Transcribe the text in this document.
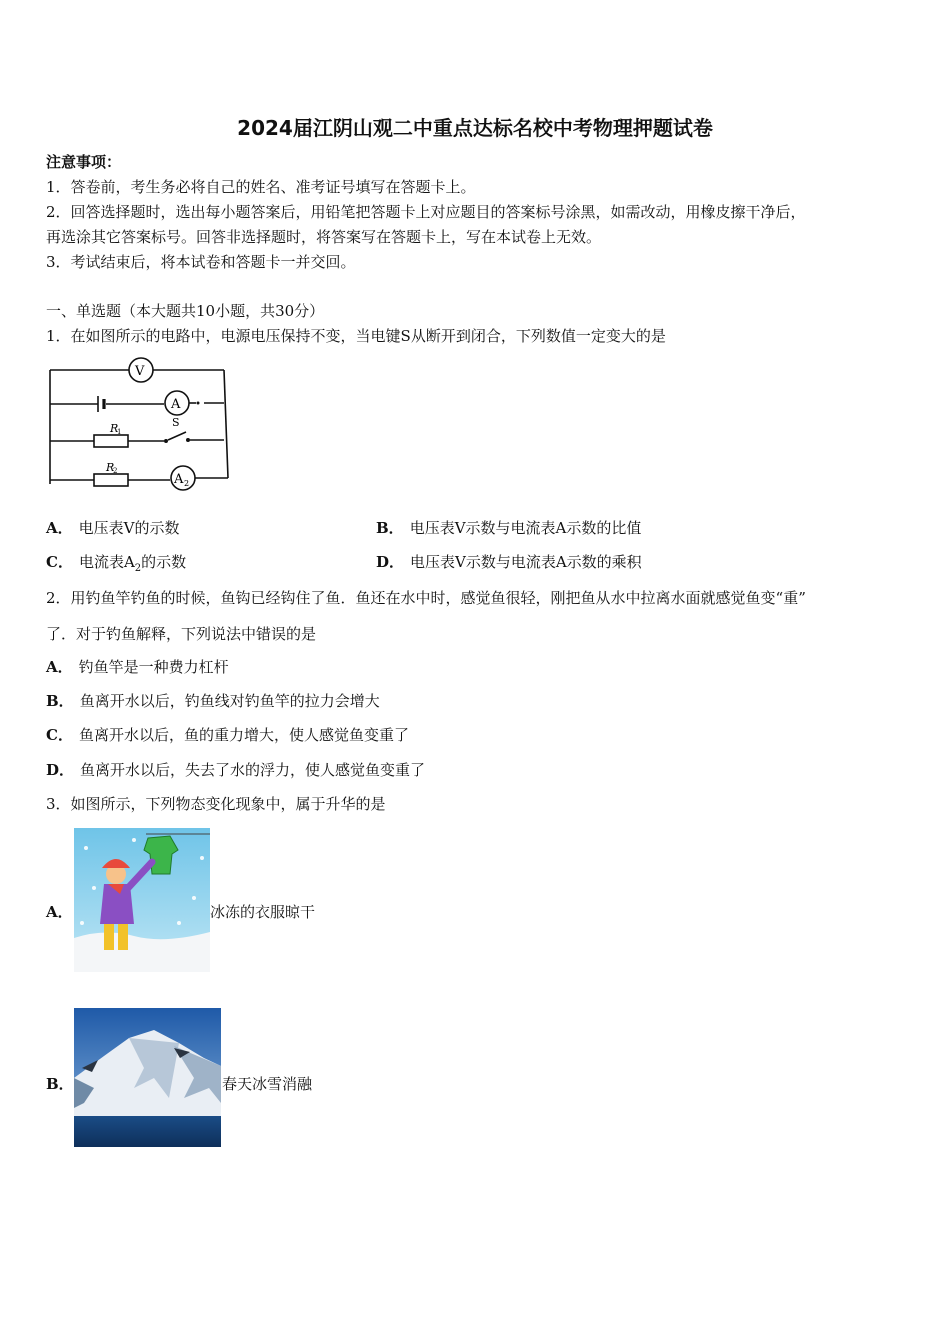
2024届江阴山观二中重点达标名校中考物理押题试卷
注意事项：
1．答卷前，考生务必将自己的姓名、准考证号填写在答题卡上。
2．回答选择题时，选出每小题答案后，用铅笔把答题卡上对应题目的答案标号涂黑，如需改动，用橡皮擦干净后，
再选涂其它答案标号。回答非选择题时，将答案写在答题卡上，写在本试卷上无效。
3．考试结束后，将本试卷和答题卡一并交回。
一、单选题（本大题共10小题，共30分）
1．在如图所示的电路中，电源电压保持不变，当电键S从断开到闭合，下列数值一定变大的是
V
A
A 2
R
1
R
2
S
A． 电压表V的示数	B． 电压表V示数与电流表A示数的比值
C． 电流表$A_2$的示数	D． 电压表V示数与电流表A示数的乘积
2．用钓鱼竿钓鱼的时候，鱼钩已经钩住了鱼．鱼还在水中时，感觉鱼很轻，刚把鱼从水中拉离水面就感觉鱼变“重”
了．对于钓鱼解释，下列说法中错误的是
A． 钓鱼竿是一种费力杠杆
B． 鱼离开水以后，钓鱼线对钓鱼竿的拉力会增大
C． 鱼离开水以后，鱼的重力增大，使人感觉鱼变重了
D． 鱼离开水以后，失去了水的浮力，使人感觉鱼变重了
3．如图所示，下列物态变化现象中，属于升华的是
A．	冰冻的衣服晾干
B．	春天冰雪消融
